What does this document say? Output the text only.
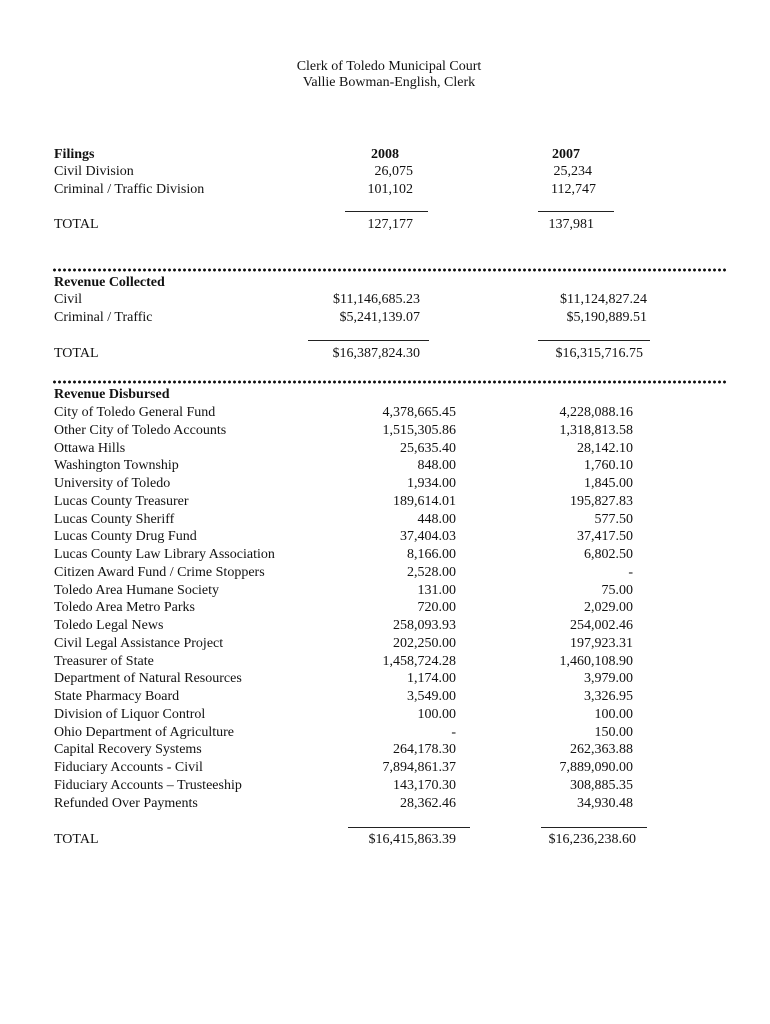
Clerk of Toledo Municipal Court
Vallie Bowman-English, Clerk
Filings	2008	2007
Civil Division	26,075	25,234
Criminal / Traffic Division	101,102	112,747
TOTAL	127,177	137,981
Revenue Collected
Civil	$11,146,685.23	$11,124,827.24
Criminal / Traffic	$5,241,139.07	$5,190,889.51
TOTAL	$16,387,824.30	$16,315,716.75
Revenue Disbursed
City of Toledo General Fund	4,378,665.45	4,228,088.16
Other City of Toledo Accounts	1,515,305.86	1,318,813.58
Ottawa Hills	25,635.40	28,142.10
Washington Township	848.00	1,760.10
University of Toledo	1,934.00	1,845.00
Lucas County Treasurer	189,614.01	195,827.83
Lucas County Sheriff	448.00	577.50
Lucas County Drug Fund	37,404.03	37,417.50
Lucas County Law Library Association	8,166.00	6,802.50
Citizen Award Fund / Crime Stoppers	2,528.00	-
Toledo Area Humane Society	131.00	75.00
Toledo Area Metro Parks	720.00	2,029.00
Toledo Legal News	258,093.93	254,002.46
Civil Legal Assistance Project	202,250.00	197,923.31
Treasurer of State	1,458,724.28	1,460,108.90
Department of Natural Resources	1,174.00	3,979.00
State Pharmacy Board	3,549.00	3,326.95
Division of Liquor Control	100.00	100.00
Ohio Department of Agriculture	-	150.00
Capital Recovery Systems	264,178.30	262,363.88
Fiduciary Accounts - Civil	7,894,861.37	7,889,090.00
Fiduciary Accounts – Trusteeship	143,170.30	308,885.35
Refunded Over Payments	28,362.46	34,930.48
TOTAL	$16,415,863.39	$16,236,238.60
